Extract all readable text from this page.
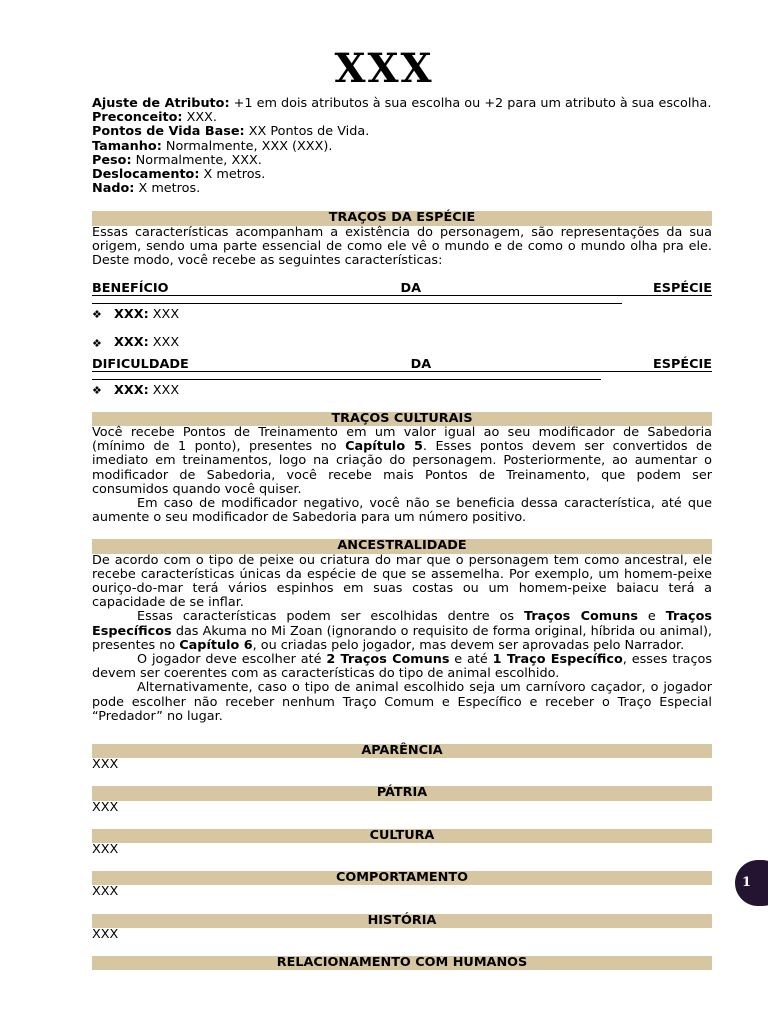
XXX

Ajuste de Atributo: +1 em dois atributos à sua escolha ou +2 para um atributo à sua escolha.

Preconceito: XXX.

Pontos de Vida Base: XX Pontos de Vida.

Tamanho: Normalmente, XXX (XXX).

Peso: Normalmente, XXX.

Deslocamento: X metros.

Nado: X metros.

TRAÇOS DA ESPÉCIE

Essas características acompanham a existência do personagem, são representações da sua origem, sendo uma parte essencial de como ele vê o mundo e de como o mundo olha pra ele. Deste modo, você recebe as seguintes características:

BENEFÍCIO	DA	ESPÉCIE
❖ XXX: XXX
❖ XXX: XXX
DIFICULDADE	DA	ESPÉCIE
❖ XXX: XXX
TRAÇOS CULTURAIS

Você recebe Pontos de Treinamento em um valor igual ao seu modificador de Sabedoria (mínimo de 1 ponto), presentes no Capítulo 5. Esses pontos devem ser convertidos de imediato em treinamentos, logo na criação do personagem. Posteriormente, ao aumentar o modificador de Sabedoria, você recebe mais Pontos de Treinamento, que podem ser consumidos quando você quiser.

Em caso de modificador negativo, você não se beneficia dessa característica, até que aumente o seu modificador de Sabedoria para um número positivo.

ANCESTRALIDADE

De acordo com o tipo de peixe ou criatura do mar que o personagem tem como ancestral, ele recebe características únicas da espécie de que se assemelha. Por exemplo, um homem-peixe ouriço-do-mar terá vários espinhos em suas costas ou um homem-peixe baiacu terá a capacidade de se inflar.

Essas características podem ser escolhidas dentre os Traços Comuns e Traços Específicos das Akuma no Mi Zoan (ignorando o requisito de forma original, híbrida ou animal), presentes no Capítulo 6, ou criadas pelo jogador, mas devem ser aprovadas pelo Narrador.

O jogador deve escolher até 2 Traços Comuns e até 1 Traço Específico, esses traços devem ser coerentes com as características do tipo de animal escolhido.

Alternativamente, caso o tipo de animal escolhido seja um carnívoro caçador, o jogador pode escolher não receber nenhum Traço Comum e Específico e receber o Traço Especial “Predador” no lugar.

APARÊNCIA

XXX

PÁTRIA

XXX

CULTURA

XXX

COMPORTAMENTO

XXX

HISTÓRIA

XXX

RELACIONAMENTO COM HUMANOS
1
